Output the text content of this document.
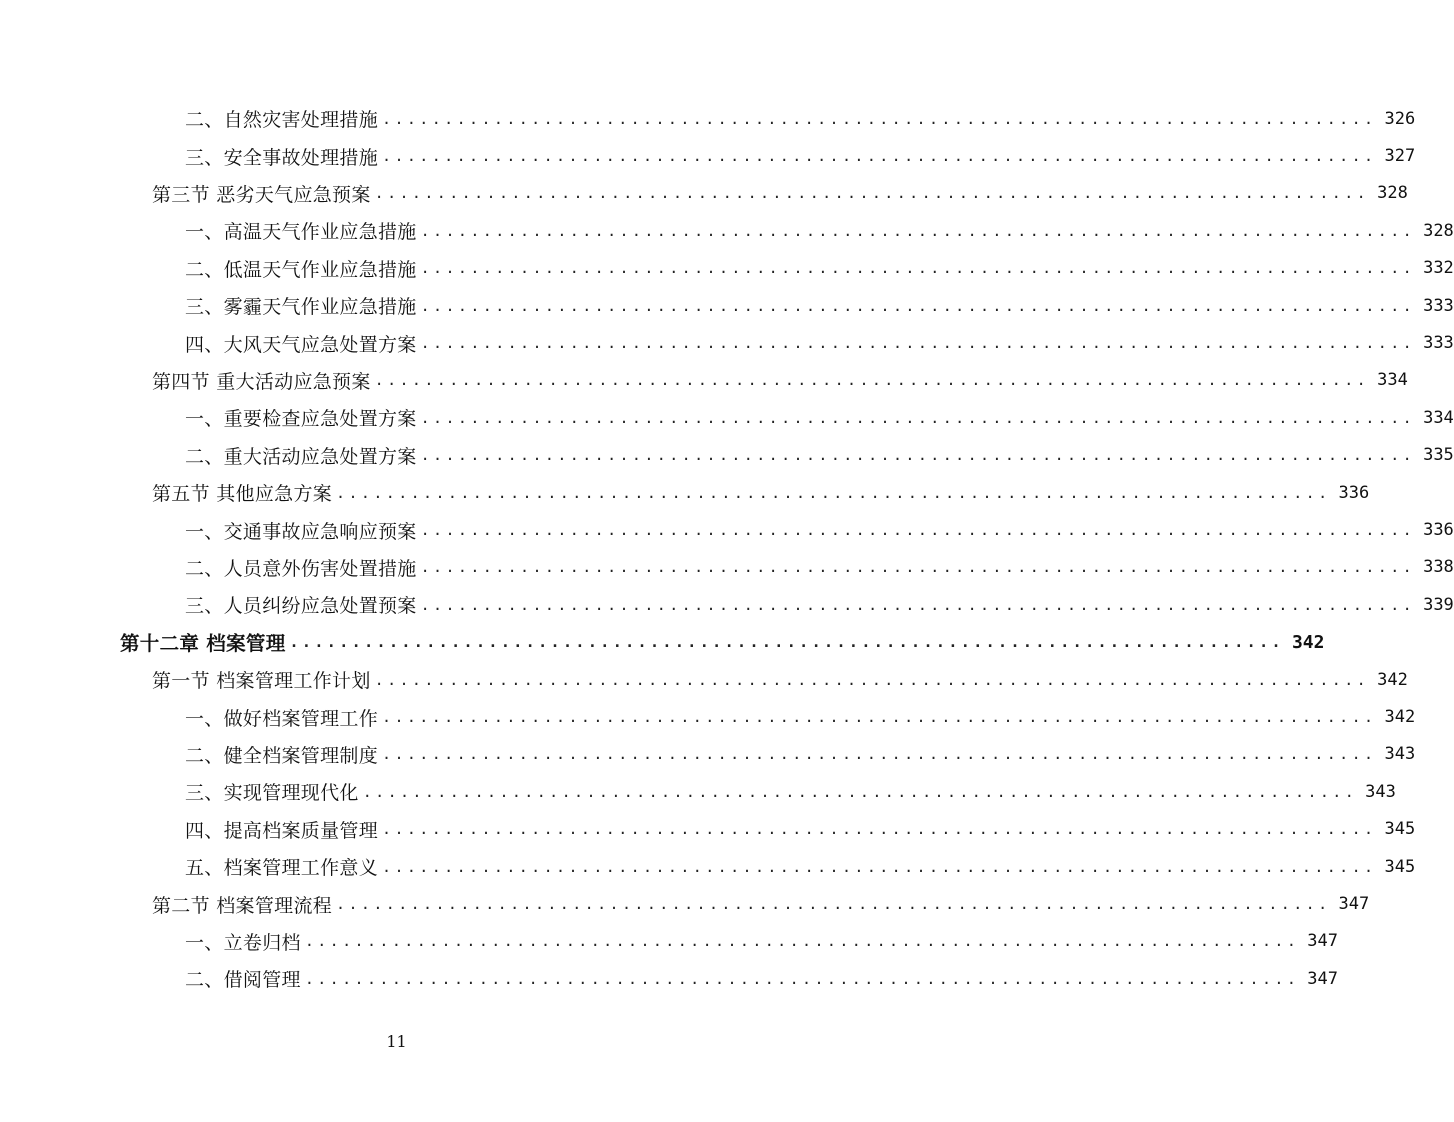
二、自然灾害处理措施 ................................................................................ 326
三、安全事故处理措施 ................................................................................ 327
第三节 恶劣天气应急预案 ................................................................................ 328
一、高温天气作业应急措施 ................................................................................ 328
二、低温天气作业应急措施 ................................................................................ 332
三、雾霾天气作业应急措施 ................................................................................ 333
四、大风天气应急处置方案 ................................................................................ 333
第四节 重大活动应急预案 ................................................................................ 334
一、重要检查应急处置方案 ................................................................................ 334
二、重大活动应急处置方案 ................................................................................ 335
第五节 其他应急方案 ................................................................................ 336
一、交通事故应急响应预案 ................................................................................ 336
二、人员意外伤害处置措施 ................................................................................ 338
三、人员纠纷应急处置预案 ................................................................................ 339
第十二章 档案管理 ................................................................................ 342
第一节 档案管理工作计划 ................................................................................ 342
一、做好档案管理工作 ................................................................................ 342
二、健全档案管理制度 ................................................................................ 343
三、实现管理现代化 ................................................................................ 343
四、提高档案质量管理 ................................................................................ 345
五、档案管理工作意义 ................................................................................ 345
第二节 档案管理流程 ................................................................................ 347
一、立卷归档 ................................................................................ 347
二、借阅管理 ................................................................................ 347
11
